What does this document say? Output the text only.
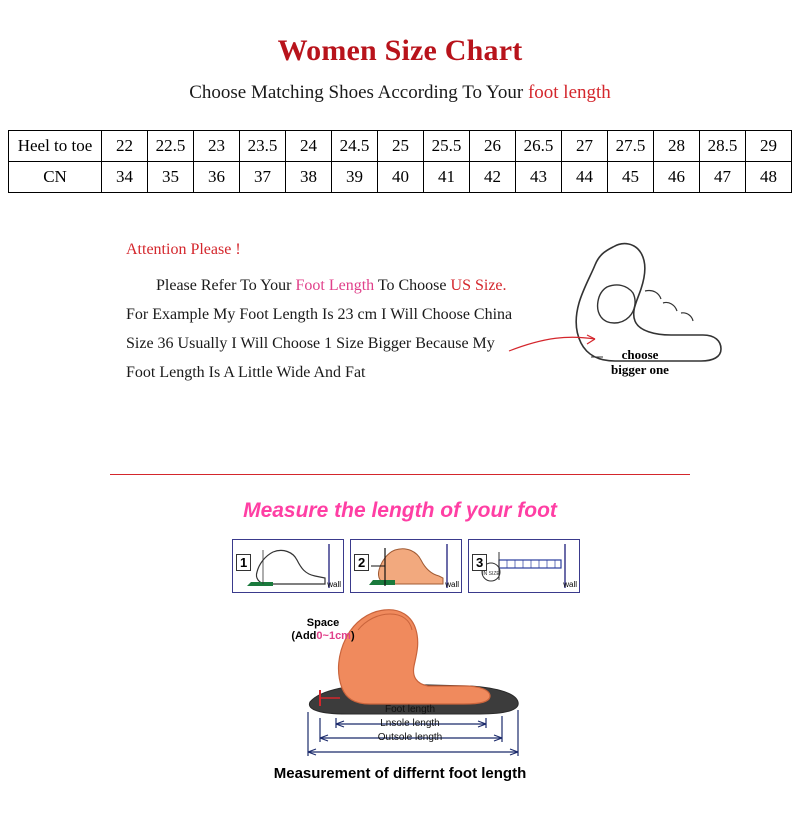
Women Size Chart
Choose Matching Shoes According To Your foot length
Heel to toe	22	22.5	23	23.5	24	24.5	25	25.5	26	26.5	27	27.5	28	28.5	29
CN	34	35	36	37	38	39	40	41	42	43	44	45	46	47	48
Attention Please !
Please Refer To Your Foot Length To Choose US Size.
For Example My Foot Length Is 23 cm I Will Choose China
Size 36 Usually I Will Choose 1 Size Bigger Because My
Foot Length Is A Little Wide And Fat
choose
bigger one
Measure the length of your foot
1
wall
2
wall
3
IN SIZE
wall
Space
(Add0~1cm)
Foot length
Lnsole length
Outsole length
Measurement of differnt foot length
